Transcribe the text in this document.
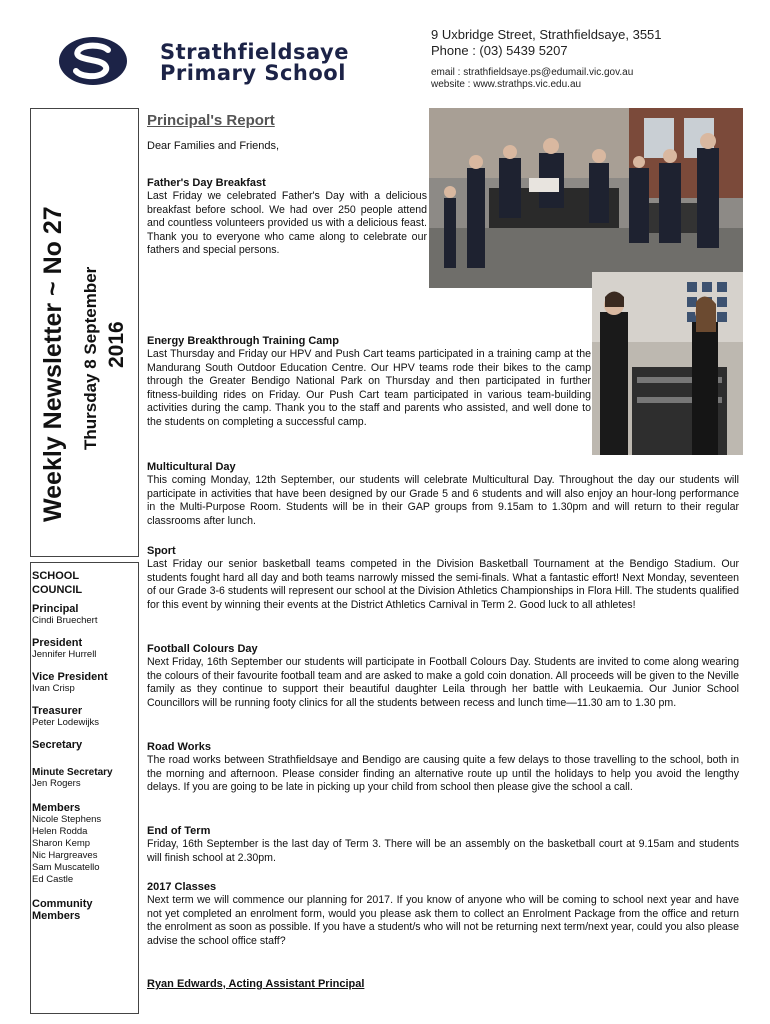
Strathfieldsaye
Primary School
9 Uxbridge Street, Strathfieldsaye, 3551
Phone : (03) 5439 5207
email : strathfieldsaye.ps@edumail.vic.gov.au
website : www.strathps.vic.edu.au
Weekly Newsletter ~ No 27 Thursday 8 September 2016
SCHOOL
COUNCIL
Principal
Cindi Bruechert
President
Jennifer Hurrell
Vice President
Ivan Crisp
Treasurer
Peter Lodewijks
Secretary
Minute Secretary
Jen Rogers
Members
Nicole Stephens
Helen Rodda
Sharon Kemp
Nic Hargreaves
Sam Muscatello
Ed Castle
Community
Members
Principal's Report
Dear Families and Friends,
Father's Day Breakfast

Last Friday we celebrated Father's Day with a delicious breakfast before school. We had over 250 people attend and countless volunteers provided us with a delicious feast. Thank you to everyone who came along to celebrate our fathers and special persons.

Energy Breakthrough Training Camp

Last Thursday and Friday our HPV and Push Cart teams participated in a training camp at the Mandurang South Outdoor Education Centre. Our HPV teams rode their bikes to the camp through the Greater Bendigo National Park on Thursday and then participated in further fitness-building rides on Friday. Our Push Cart team participated in various team-building activities during the camp. Thank you to the staff and parents who assisted, and well done to the students on completing a successful camp.

Multicultural Day

This coming Monday, 12th September, our students will celebrate Multicultural Day. Throughout the day our students will participate in activities that have been designed by our Grade 5 and 6 students and will also enjoy an hour-long performance in the Multi-Purpose Room. Students will be in their GAP groups from 9.15am to 1.30pm and will return to their regular classrooms after lunch.

Sport

Last Friday our senior basketball teams competed in the Division Basketball Tournament at the Bendigo Stadium. Our students fought hard all day and both teams narrowly missed the semi-finals. What a fantastic effort! Next Monday, seventeen of our Grade 3-6 students will represent our school at the Division Athletics Championships in Flora Hill. The students qualified for this event by winning their events at the District Athletics Carnival in Term 2. Good luck to all athletes!

Football Colours Day

Next Friday, 16th September our students will participate in Football Colours Day. Students are invited to come along wearing the colours of their favourite football team and are asked to make a gold coin donation. All proceeds will be given to the Neville family as they continue to support their beautiful daughter Leila through her battle with Leukaemia. Our Junior School Councillors will be running footy clinics for all the students between recess and lunch time—11.30 am to 1.30 pm.

Road Works

The road works between Strathfieldsaye and Bendigo are causing quite a few delays to those travelling to the school, both in the morning and afternoon. Please consider finding an alternative route up until the holidays to help you avoid the lengthy delays. If you are going to be late in picking up your child from school then please give the school a call.

End of Term

Friday, 16th September is the last day of Term 3. There will be an assembly on the basketball court at 9.15am and students will finish school at 2.30pm.

2017 Classes

Next term we will commence our planning for 2017. If you know of anyone who will be coming to school next year and have not yet completed an enrolment form, would you please ask them to collect an Enrolment Package from the office and return the enrolment as soon as possible. If you have a student/s who will not be returning next term/next year, could you also please advise the school office staff?

Ryan Edwards, Acting Assistant Principal
